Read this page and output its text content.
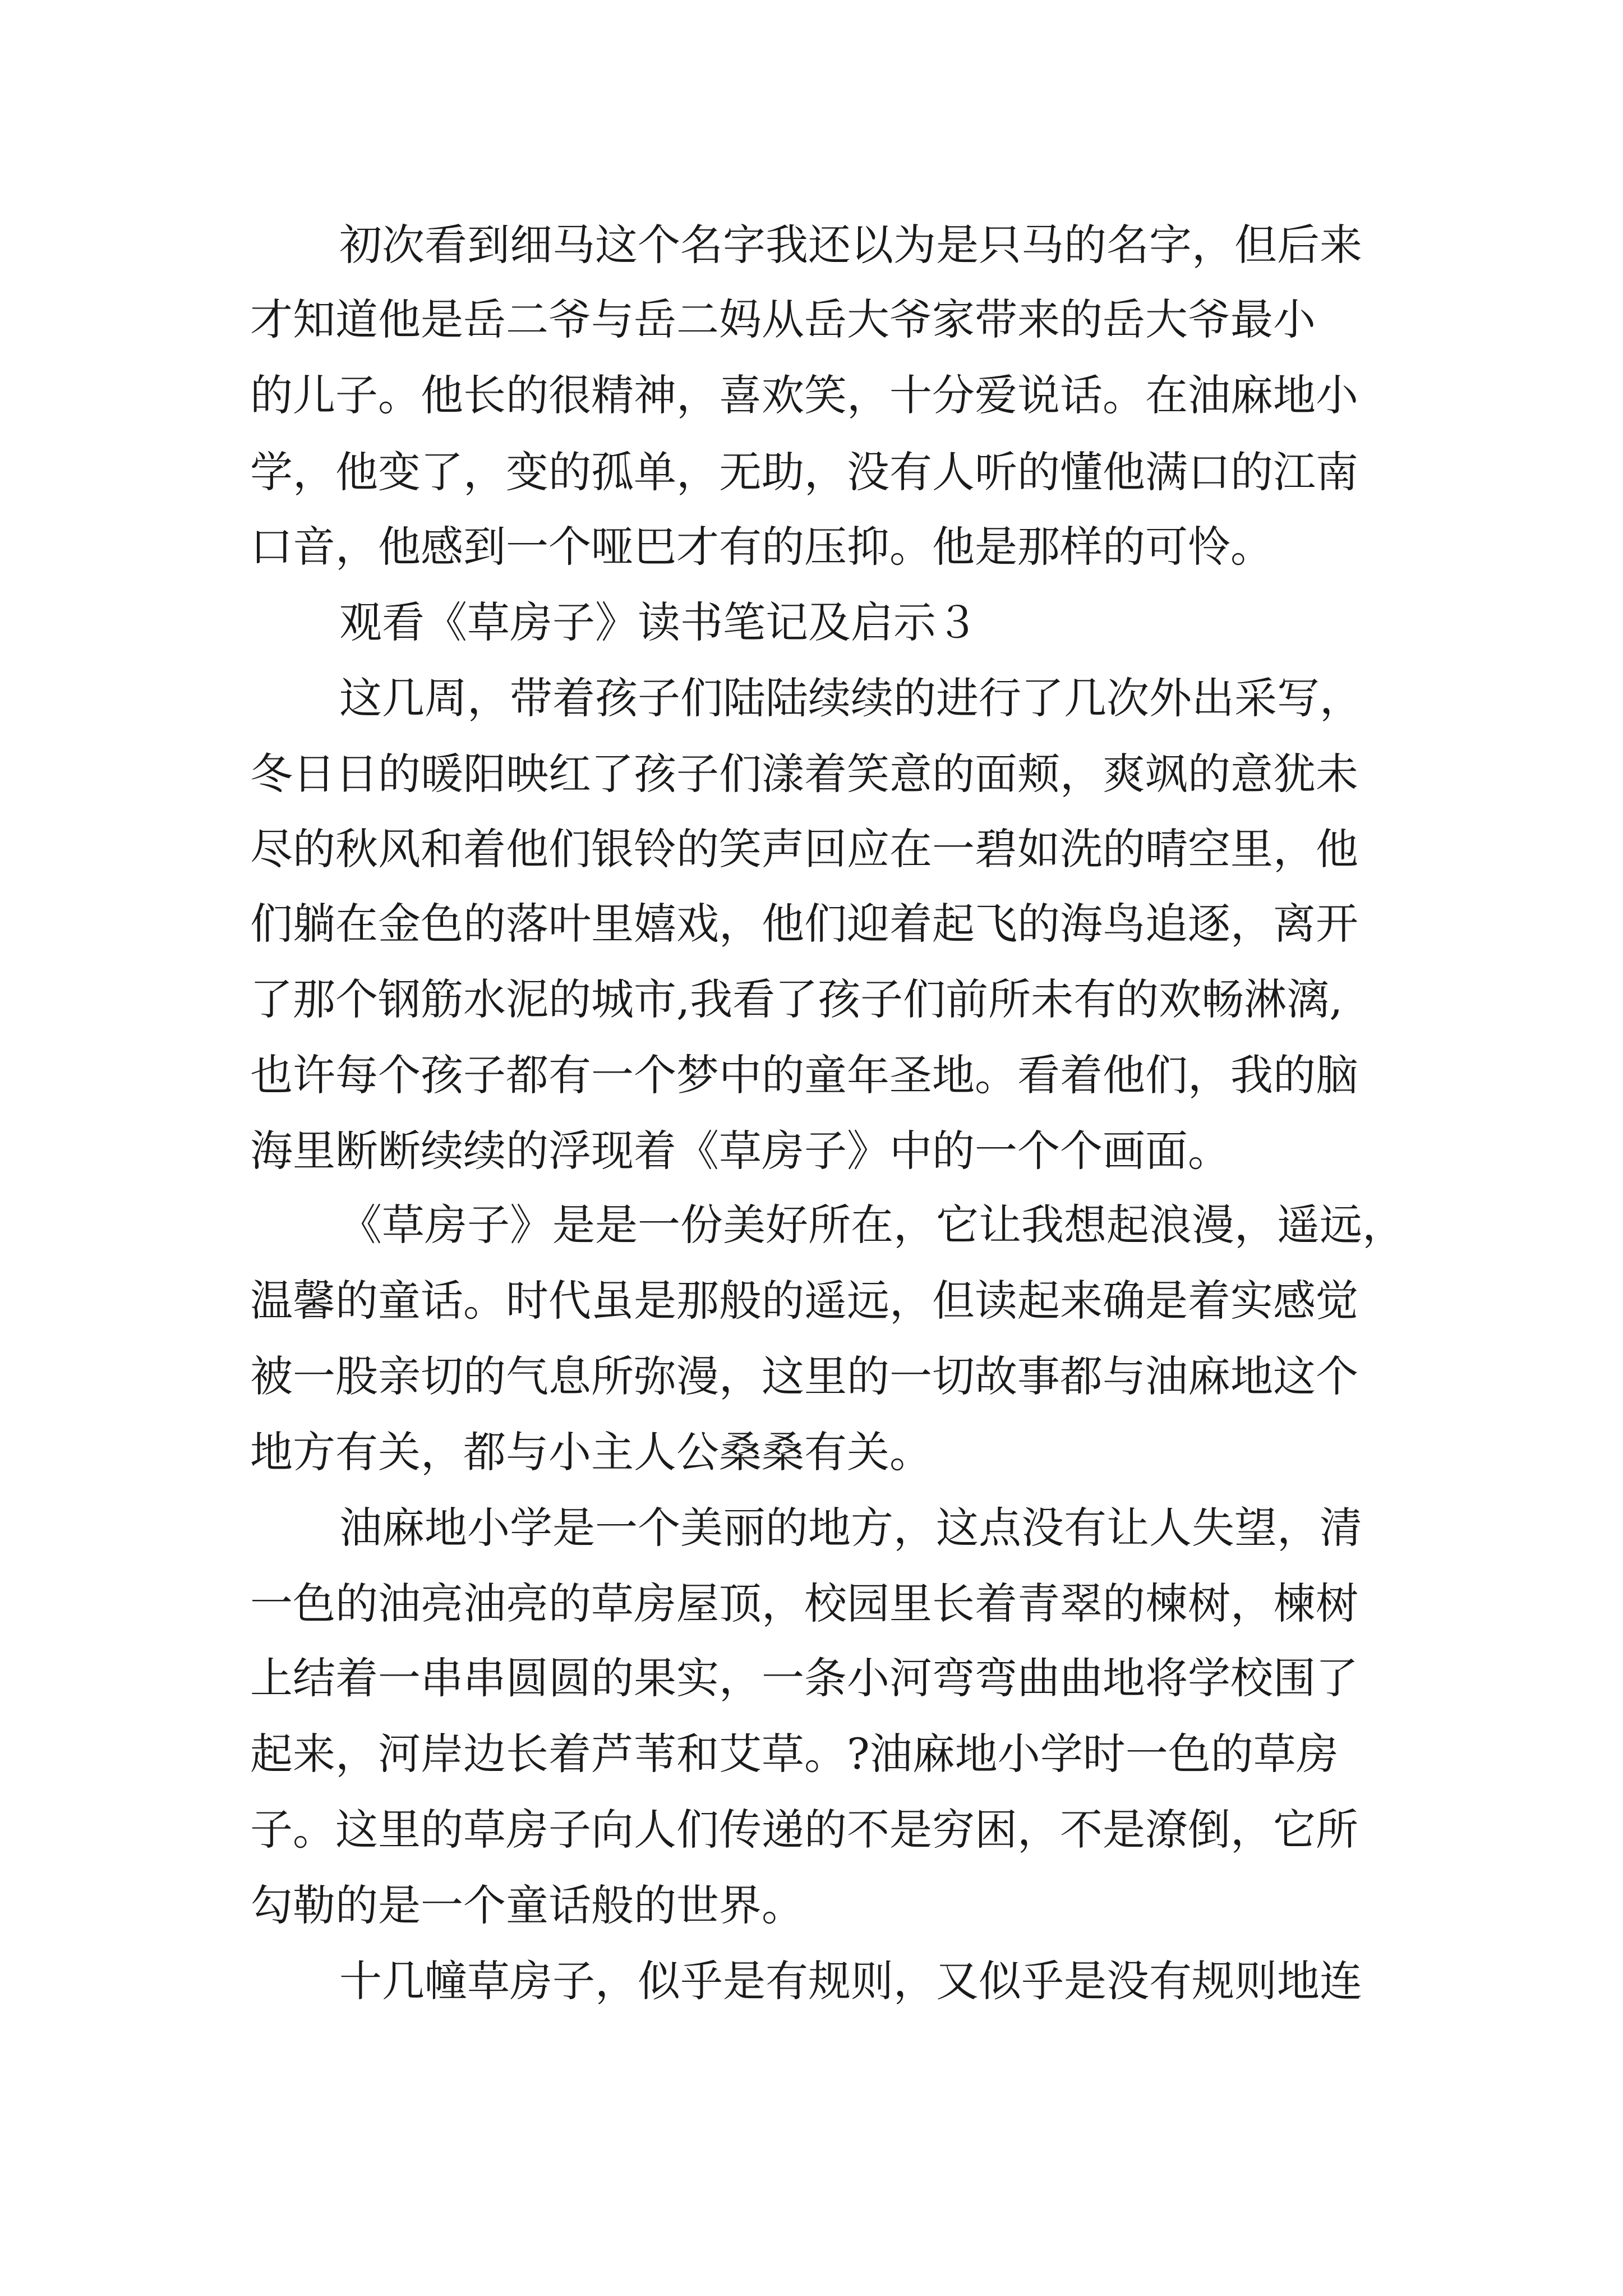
初次看到细马这个名字我还以为是只马的名字，但后来
才知道他是岳二爷与岳二妈从岳大爷家带来的岳大爷最小
的儿子。他长的很精神，喜欢笑，十分爱说话。在油麻地小
学，他变了，变的孤单，无助，没有人听的懂他满口的江南
口音，他感到一个哑巴才有的压抑。他是那样的可怜。
观看《草房子》读书笔记及启示３
这几周，带着孩子们陆陆续续的进行了几次外出采写，
冬日日的暖阳映红了孩子们漾着笑意的面颊，爽飒的意犹未
尽的秋风和着他们银铃的笑声回应在一碧如洗的晴空里，他
们躺在金色的落叶里嬉戏，他们迎着起飞的海鸟追逐，离开
了那个钢筋水泥的城市,我看了孩子们前所未有的欢畅淋漓,
也许每个孩子都有一个梦中的童年圣地。看着他们，我的脑
海里断断续续的浮现着《草房子》中的一个个画面。
《草房子》是是一份美好所在，它让我想起浪漫，遥远，
温馨的童话。时代虽是那般的遥远，但读起来确是着实感觉
被一股亲切的气息所弥漫，这里的一切故事都与油麻地这个
地方有关，都与小主人公桑桑有关。
油麻地小学是一个美丽的地方，这点没有让人失望，清
一色的油亮油亮的草房屋顶，校园里长着青翠的楝树，楝树
上结着一串串圆圆的果实，一条小河弯弯曲曲地将学校围了
起来，河岸边长着芦苇和艾草。?油麻地小学时一色的草房
子。这里的草房子向人们传递的不是穷困，不是潦倒，它所
勾勒的是一个童话般的世界。
十几幢草房子，似乎是有规则，又似乎是没有规则地连
